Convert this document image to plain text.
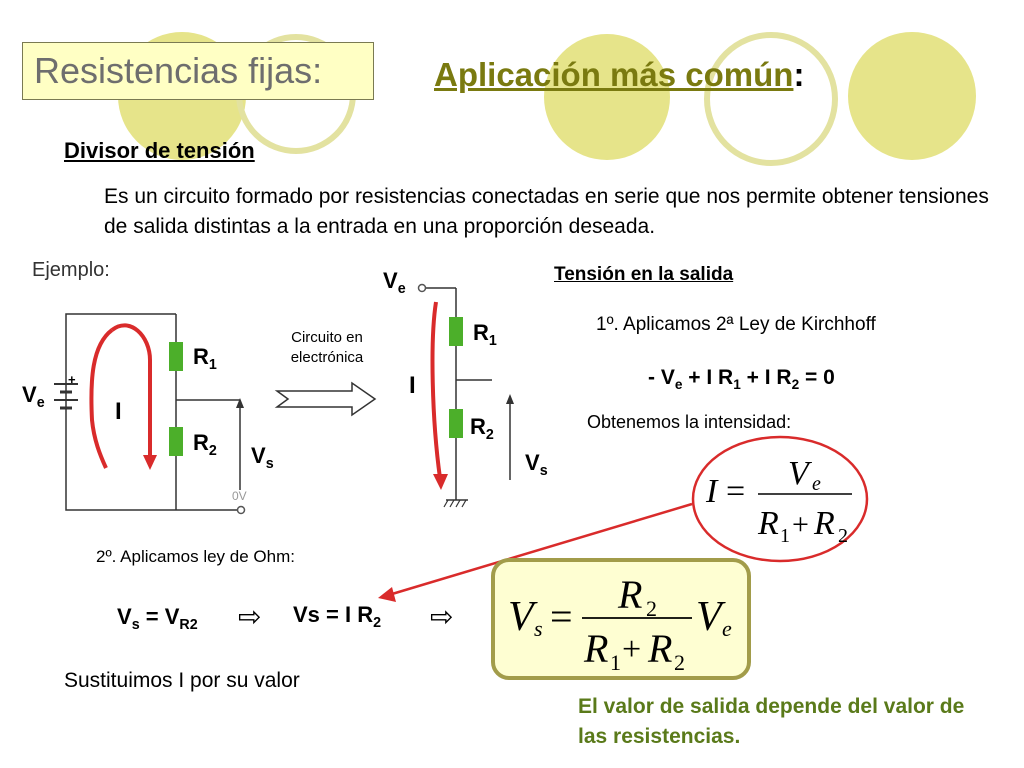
Resistencias fijas:	Aplicación más común:
Divisor de tensión
Es un circuito formado por resistencias conectadas en serie que nos permite obtener tensiones de salida distintas a la entrada en una proporción deseada.
Ejemplo:
$V_e$
+
I
$R_1$
$R_2$ $V_s$
0V
Circuito en electrónica
$V_e$
$R_1$
I
$R_2$
$V_s$
Tensión en la salida
1º. Aplicamos 2ª Ley de Kirchhoff
- $V_e + I$ $R_1 + I$ $R_2 = 0$
Obtenemos la intensidad:
I = V e
R 1 + R 2
2º. Aplicamos ley de Ohm:
$V_s = V_{R2}$ ⇨ Vs = I $R_2$ ⇨ V s = R 2
R 1 + R 2
V e
Sustituimos I por su valor
El valor de salida depende del valor de las resistencias.
